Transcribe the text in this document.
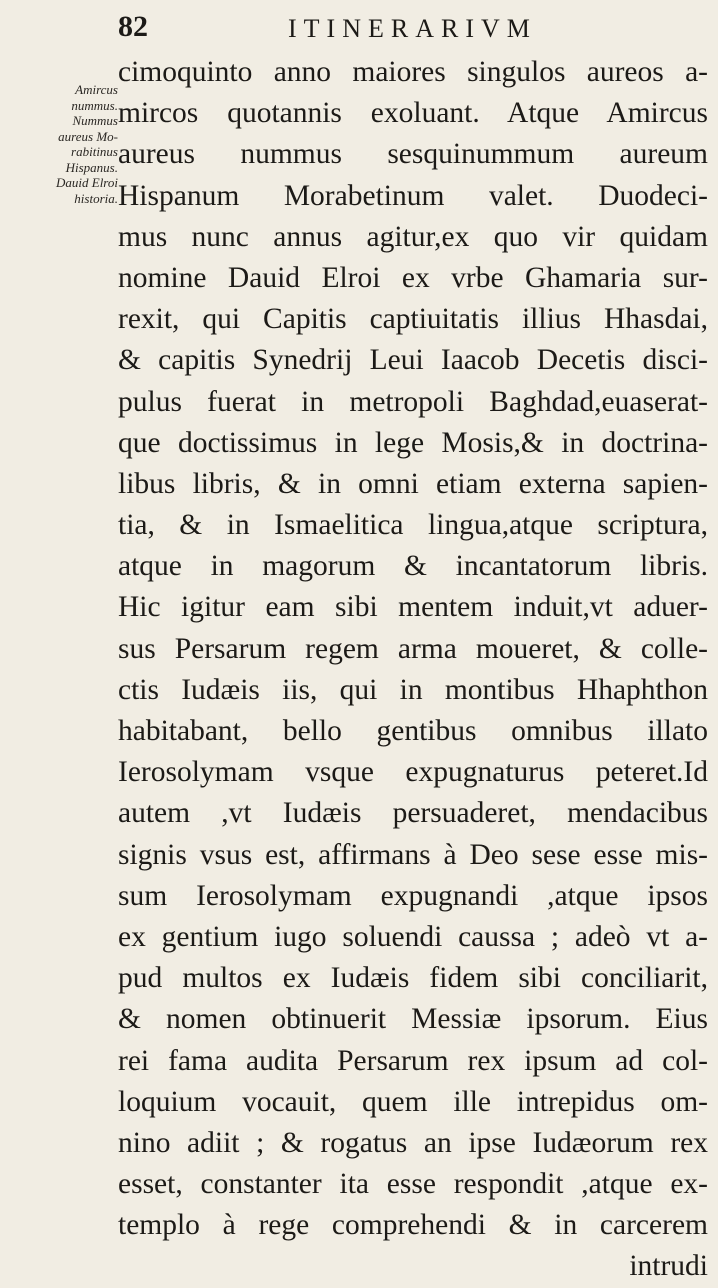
82	ITINERARIVM
Amircus
nummus.
Nummus
aureus Mo-
rabitinus
Hispanus.
Dauid Elroi
historia.
cimoquinto anno maiores singulos aureos a-
mircos quotannis exoluant. Atque Amircus
aureus nummus sesquinummum aureum
Hispanum Morabetinum valet. Duodeci-
mus nunc annus agitur,ex quo vir quidam
nomine Dauid Elroi ex vrbe Ghamaria sur-
rexit, qui Capitis captiuitatis illius Hhasdai,
& capitis Synedrij Leui Iaacob Decetis disci-
pulus fuerat in metropoli Baghdad,euaserat-
que doctissimus in lege Mosis,& in doctrina-
libus libris, & in omni etiam externa sapien-
tia, & in Ismaelitica lingua,atque scriptura,
atque in magorum & incantatorum libris.
Hic igitur eam sibi mentem induit,vt aduer-
sus Persarum regem arma moueret, & colle-
ctis Iudæis iis, qui in montibus Hhaphthon
habitabant, bello gentibus omnibus illato
Ierosolymam vsque expugnaturus peteret.Id
autem ,vt Iudæis persuaderet, mendacibus
signis vsus est, affirmans à Deo sese esse mis-
sum Ierosolymam expugnandi ,atque ipsos
ex gentium iugo soluendi caussa ; adeò vt a-
pud multos ex Iudæis fidem sibi conciliarit,
& nomen obtinuerit Messiæ ipsorum. Eius
rei fama audita Persarum rex ipsum ad col-
loquium vocauit, quem ille intrepidus om-
nino adiit ; & rogatus an ipse Iudæorum rex
esset, constanter ita esse respondit ,atque ex-
templo à rege comprehendi & in carcerem
intrudi
